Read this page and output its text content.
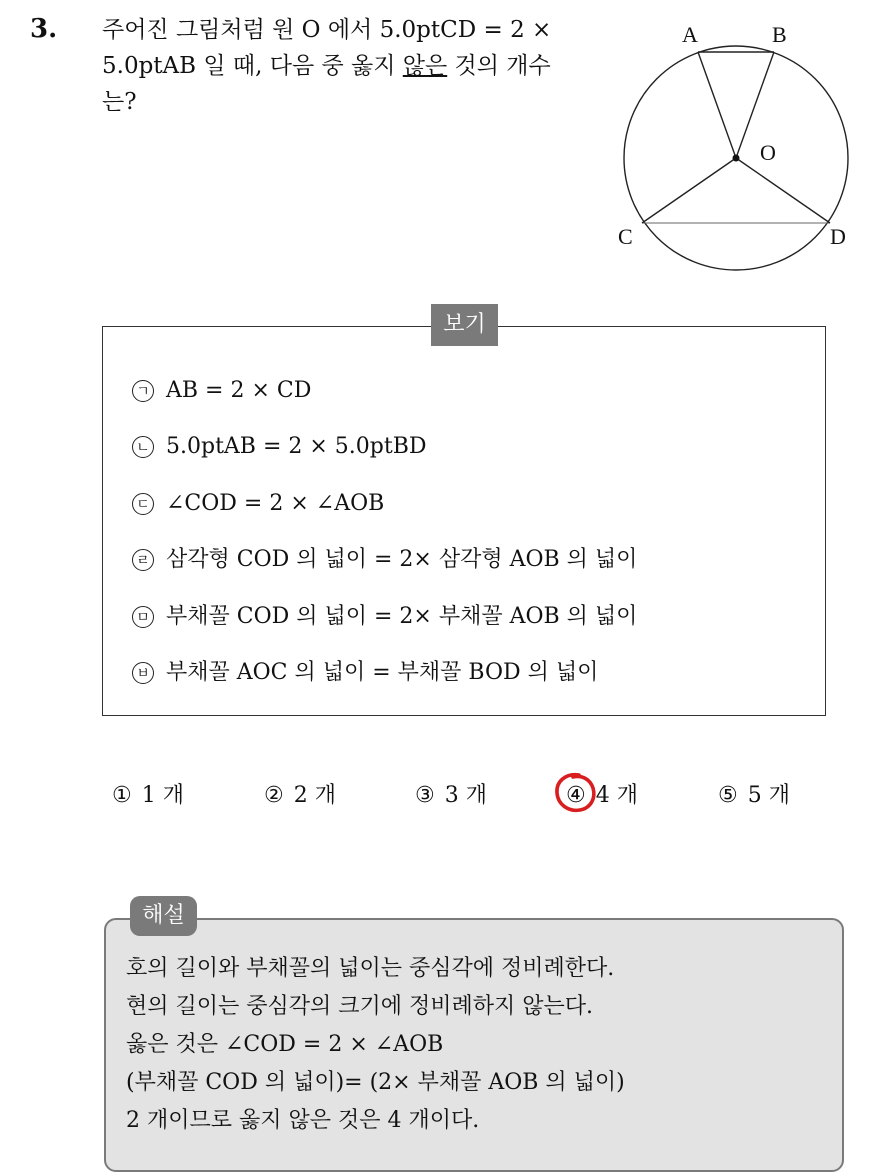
3. 주어진 그림처럼 원 O 에서 5.0ptCD = 2 ×
5.0ptAB 일 때, 다음 중 옳지 않은 것의 개수
는?
A	B
O
C	D
보기
ㄱ AB = 2 × CD
ㄴ 5.0ptAB = 2 × 5.0ptBD
ㄷ ∠COD = 2 × ∠AOB
ㄹ 삼각형 COD 의 넓이 = 2× 삼각형 AOB 의 넓이
ㅁ 부채꼴 COD 의 넓이 = 2× 부채꼴 AOB 의 넓이
ㅂ 부채꼴 AOC 의 넓이 = 부채꼴 BOD 의 넓이
① 1 개	② 2 개	③ 3 개	④ 4 개	⑤ 5 개
해설
호의 길이와 부채꼴의 넓이는 중심각에 정비례한다.
현의 길이는 중심각의 크기에 정비례하지 않는다.
옳은 것은 ∠COD = 2 × ∠AOB
(부채꼴 COD 의 넓이)= (2× 부채꼴 AOB 의 넓이)
2 개이므로 옳지 않은 것은 4 개이다.
